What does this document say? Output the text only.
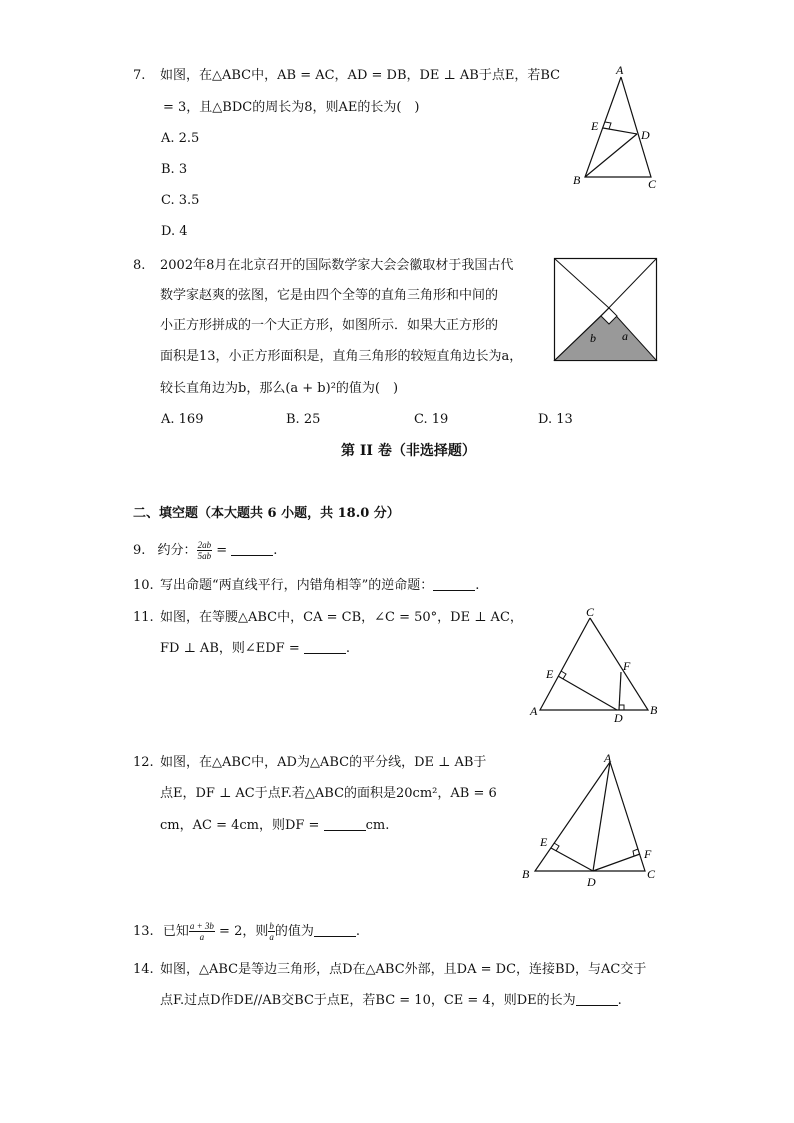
7. 如图，在△ABC中，AB = AC，AD = DB，DE ⊥ AB于点E，若BC
= 3，且△BDC的周长为8，则AE的长为(　)
A. 2.5
B. 3
C. 3.5
D. 4
A
B	C
D
E
8. 2002年8月在北京召开的国际数学家大会会徽取材于我国古代
数学家赵爽的弦图，它是由四个全等的直角三角形和中间的
小正方形拼成的一个大正方形，如图所示．如果大正方形的
面积是13，小正方形面积是，直角三角形的较短直角边长为a，
较长直角边为b，那么(a + b)²的值为(　)
A. 169	B. 25	C. 19	D. 13
b a
第 II 卷（非选择题）
二、填空题（本大题共 6 小题，共 18.0 分）
9. 约分： $\frac{2ab}{5ab}$ =	.
10. 写出命题“两直线平行，内错角相等”的逆命题：	.
11. 如图，在等腰△ABC中，CA = CB，∠C = 50°，DE ⊥ AC，
FD ⊥ AB，则∠EDF =	.
C
A	B
D
E
F
12. 如图，在△ABC中，AD为△ABC的平分线，DE ⊥ AB于
点E，DF ⊥ AC于点F.若△ABC的面积是20cm²，AB = 6
cm，AC = 4cm，则DF =	cm.
A
B	C
D
E
F
13. 已知 $\frac{a + 3b}{a} = 2$，则 $\frac{b}{a}$ 的值为	.
14. 如图，△ABC是等边三角形，点D在△ABC外部，且DA = DC，连接BD，与AC交于
点F.过点D作DE//AB交BC于点E，若BC = 10，CE = 4，则DE的长为	.
